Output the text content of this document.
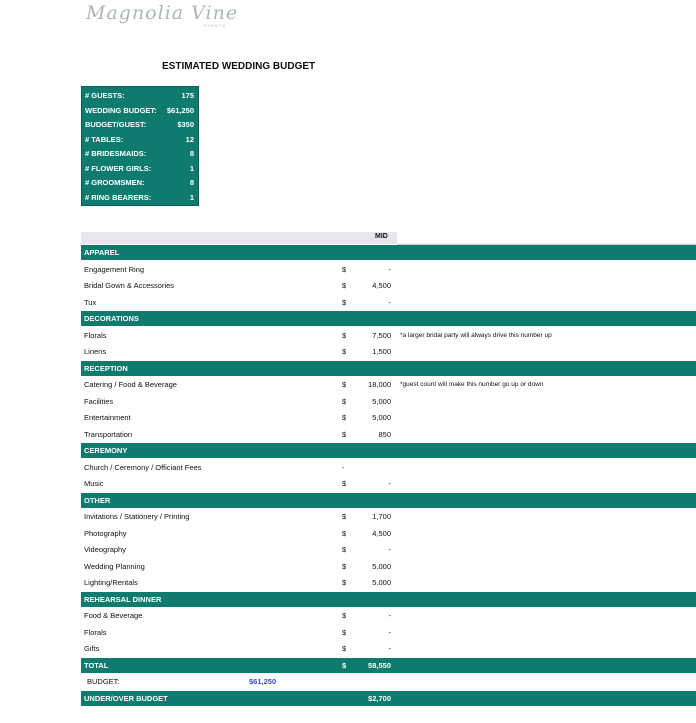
Magnolia Vine
EVENTS
ESTIMATED WEDDING BUDGET
# GUESTS:	175
WEDDING BUDGET: $61,250
BUDGET/GUEST:	$350
# TABLES:	12
# BRIDESMAIDS:	8
# FLOWER GIRLS:	1
# GROOMSMEN:	8
# RING BEARERS:	1
MID
APPAREL
Engagement Ring	$	-
Bridal Gown & Accessories	$	4,500
Tux	$	-
DECORATIONS
Florals	$	7,500 *a larger bridal party will always drive this number up
Linens	$	1,500
RECEPTION
Catering / Food & Beverage	$	18,000 *guest count will make this number go up or down
Facilities	$	5,000
Entertainment	$	5,000
Transportation	$	850
CEREMONY
Church / Ceremony / Officiant Fees	-
Music	$	-
OTHER
Invitations / Stationery / Printing	$	1,700
Photography	$	4,500
Videography	$	-
Wedding Planning	$	5,000
Lighting/Rentals	$	5,000
REHEARSAL DINNER
Food & Beverage	$	-
Florals	$	-
Gifts	$	-
TOTAL	$	58,550
BUDGET:	$61,250
UNDER/OVER BUDGET	$2,700
